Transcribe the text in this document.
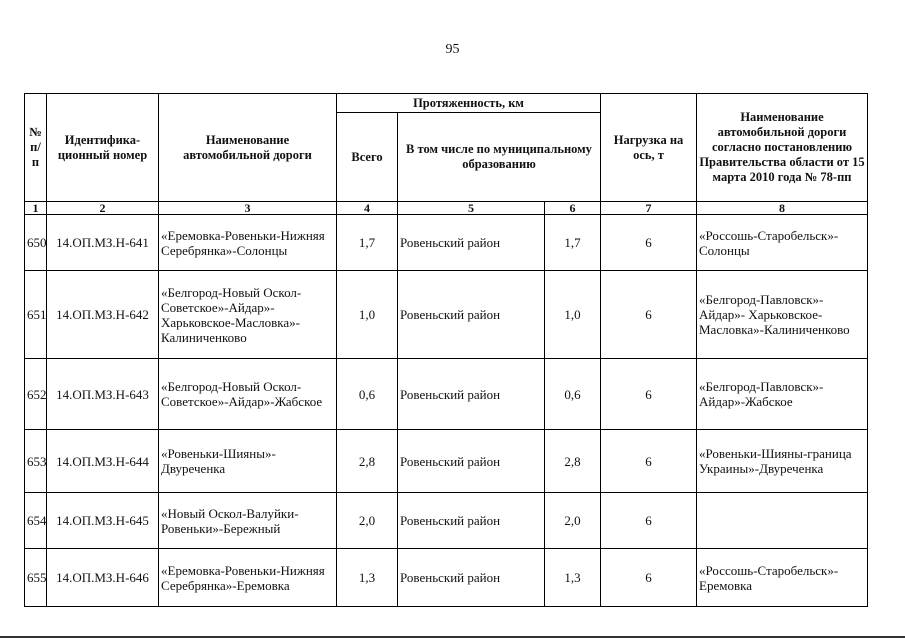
95
№ п/п	Идентифика-ционный номер	Наименование автомобильной дороги	Протяженность, км			Нагрузка на ось, т	Наименование автомобильной дороги согласно постановлению Правительства области от 15 марта 2010 года № 78-пп
			Всего	В том числе по муниципальному образованию			
1	2	3	4	5	6	7	8
650	14.ОП.МЗ.Н-641	«Еремовка-Ровеньки-Нижняя Серебрянка»-Солонцы	1,7	Ровеньский район	1,7	6	«Россошь-Старобельск»-Солонцы
651	14.ОП.МЗ.Н-642	«Белгород-Новый Оскол-Советское»-Айдар»-Харьковское-Масловка»-Калиниченково	1,0	Ровеньский район	1,0	6	«Белгород-Павловск»-Айдар»- Харьковское-Масловка»-Калиниченково
652	14.ОП.МЗ.Н-643	«Белгород-Новый Оскол-Советское»-Айдар»-Жабское	0,6	Ровеньский район	0,6	6	«Белгород-Павловск»-Айдар»-Жабское
653	14.ОП.МЗ.Н-644	«Ровеньки-Шияны»-Двуреченка	2,8	Ровеньский район	2,8	6	«Ровеньки-Шияны-граница Украины»-Двуреченка
654	14.ОП.МЗ.Н-645	«Новый Оскол-Валуйки-Ровеньки»-Бережный	2,0	Ровеньский район	2,0	6	
655	14.ОП.МЗ.Н-646	«Еремовка-Ровеньки-Нижняя Серебрянка»-Еремовка	1,3	Ровеньский район	1,3	6	«Россошь-Старобельск»-Еремовка
